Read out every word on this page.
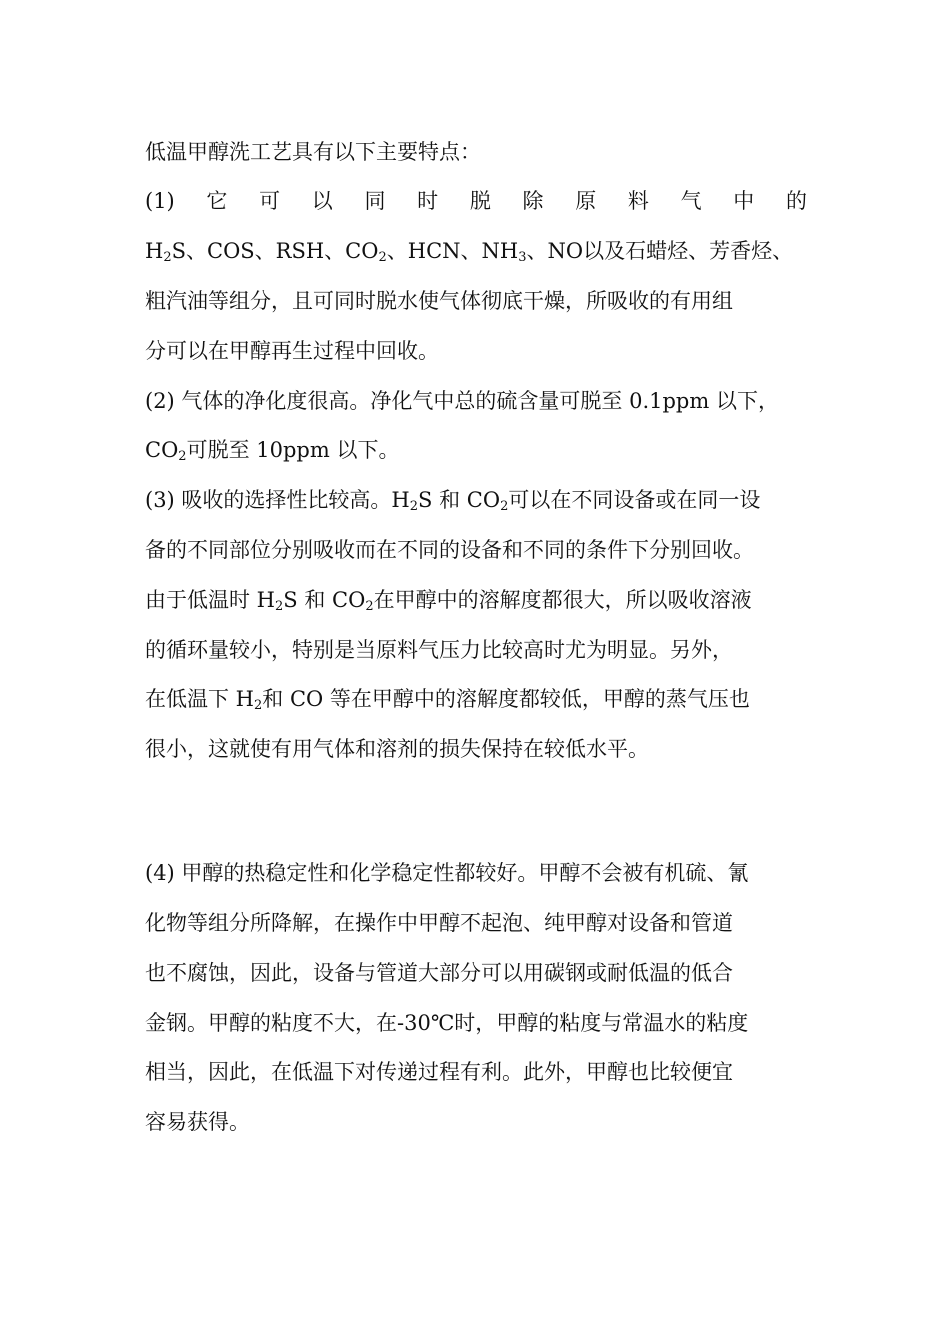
低温甲醇洗工艺具有以下主要特点：
(1)它可以同时脱除原料气中的
$H_2S$、COS、RSH、$CO_2$、HCN、$NH_3$、NO以及石蜡烃、芳香烃、
粗汽油等组分，且可同时脱水使气体彻底干燥，所吸收的有用组
分可以在甲醇再生过程中回收。
(2) 气体的净化度很高。净化气中总的硫含量可脱至 0.1ppm 以下，
$CO_2$可脱至 10ppm 以下。
(3) 吸收的选择性比较高。$H_2S$ 和 $CO_2$可以在不同设备或在同一设
备的不同部位分别吸收而在不同的设备和不同的条件下分别回收。
由于低温时 $H_2S$ 和 $CO_2$在甲醇中的溶解度都很大，所以吸收溶液
的循环量较小，特别是当原料气压力比较高时尤为明显。另外，
在低温下 $H_2$和 CO 等在甲醇中的溶解度都较低，甲醇的蒸气压也
很小，这就使有用气体和溶剂的损失保持在较低水平。
(4) 甲醇的热稳定性和化学稳定性都较好。甲醇不会被有机硫、氰
化物等组分所降解，在操作中甲醇不起泡、纯甲醇对设备和管道
也不腐蚀，因此，设备与管道大部分可以用碳钢或耐低温的低合
金钢。甲醇的粘度不大，在-30℃时，甲醇的粘度与常温水的粘度
相当，因此，在低温下对传递过程有利。此外，甲醇也比较便宜
容易获得。
